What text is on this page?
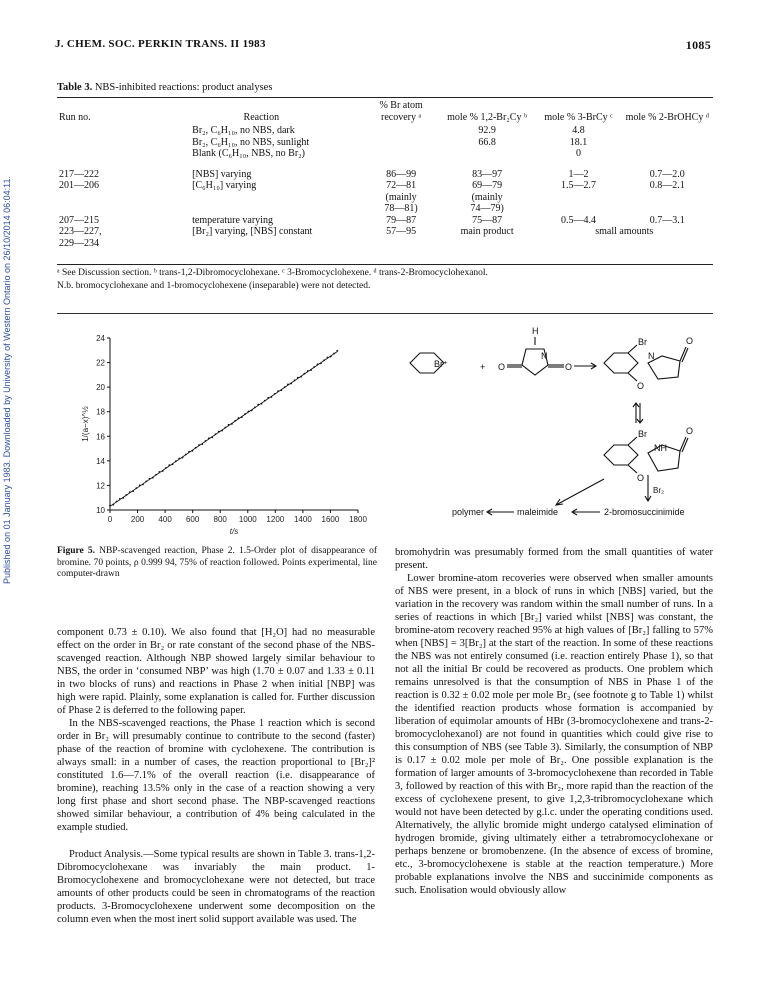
J. CHEM. SOC. PERKIN TRANS. II 1983	1085
Published on 01 January 1983. Downloaded by University of Western Ontario on 26/10/2014 06:04:11.
Table 3. NBS-inhibited reactions: product analyses
Run no.	Reaction	% Br atom recovery ᵃ	mole % 1,2-Br₂Cy ᵇ	mole % 3-BrCy ᶜ	mole % 2-BrOHCy ᵈ
	Br₂, C₆H₁₀, no NBS, dark		92.9	4.8	
	Br₂, C₆H₁₀, no NBS, sunlight		66.8	18.1	
	Blank (C₆H₁₀, NBS, no Br₂)			0	
217—222	[NBS] varying	86—99	83—97	1—2	0.7—2.0
201—206	[C₆H₁₀] varying	72—81	69—79	1.5—2.7	0.8—2.1
		(mainly	(mainly		
		78—81)	74—79)		
207—215	temperature varying	79—87	75—87	0.5—4.4	0.7—3.1
223—227,	[Br₂] varying, [NBS] constant	57—95	main product	small amounts	
229—234					
ᵃ See Discussion section. ᵇ trans-1,2-Dibromocyclohexane. ᶜ 3-Bromocyclohexene. ᵈ trans-2-Bromocyclohexanol.
N.b. bromocyclohexane and 1-bromocyclohexene (inseparable) were not detected.
0 200 400 600 800 1000 1200 1400 1600 1800
10
12
14
16
18
20
22
24
t/s
1/(a−x)^½
Figure 5. NBP-scavenged reaction, Phase 2. 1.5-Order plot of disappearance of bromine. 70 points, ρ 0.999 94, 75% of reaction followed. Points experimental, line computer-drawn
H
N
O	O
Br⁺	+
Br
N
O
O
Br
NH
O
O
Br₂
polymer	maleimide	2-bromosuccinimide

component 0.73 ± 0.10). We also found that [H₂O] had no measurable effect on the order in Br₂ or rate constant of the second phase of the NBS-scavenged reaction. Although NBP showed largely similar behaviour to NBS, the order in ‘consumed NBP’ was high (1.70 ± 0.07 and 1.33 ± 0.11 in two blocks of runs) and reactions in Phase 2 when initial [NBP] was high were rapid. Plainly, some explanation is called for. Further discussion of Phase 2 is deferred to the following paper.

In the NBS-scavenged reactions, the Phase 1 reaction which is second order in Br₂ will presumably continue to contribute to the second (faster) phase of the reaction of bromine with cyclohexene. The contribution is always small: in a number of cases, the reaction proportional to [Br₂]² constituted 1.6—7.1% of the overall reaction (i.e. disappearance of bromine), reaching 13.5% only in the case of a reaction showing a very long first phase and short second phase. The NBP-scavenged reactions showed similar behaviour, a contribution of 4% being calculated in the example studied.

Product Analysis.—Some typical results are shown in Table 3. trans-1,2-Dibromocyclohexane was invariably the main product. 1-Bromocyclohexene and bromocyclohexane were not detected, but trace amounts of other products could be seen in chromatograms of the reaction products. 3-Bromocyclohexene underwent some decomposition on the column even when the most inert solid support available was used. The

bromohydrin was presumably formed from the small quantities of water present.

Lower bromine-atom recoveries were observed when smaller amounts of NBS were present, in a block of runs in which [NBS] varied, but the variation in the recovery was random within the small number of runs. In a series of reactions in which [Br₂] varied whilst [NBS] was constant, the bromine-atom recovery reached 95% at high values of [Br₂] falling to 57% when [NBS] = 3[Br₂] at the start of the reaction. In some of these reactions the NBS was not entirely consumed (i.e. reaction entirely Phase 1), so that not all the initial Br could be recovered as products. One problem which remains unresolved is that the consumption of NBS in Phase 1 of the reaction is 0.32 ± 0.02 mole per mole Br₂ (see footnote g to Table 1) whilst the identified reaction products whose formation is accompanied by liberation of equimolar amounts of HBr (3-bromocyclohexene and trans-2-bromocyclohexanol) are not found in quantities which could give rise to this consumption of NBS (see Table 3). Similarly, the consumption of NBP is 0.17 ± 0.02 mole per mole of Br₂. One possible explanation is the formation of larger amounts of 3-bromocyclohexene than recorded in Table 3, followed by reaction of this with Br₂, more rapid than the reaction of the excess of cyclohexene present, to give 1,2,3-tribromocyclohexane which would not have been detected by g.l.c. under the operating conditions used. Alternatively, the allylic bromide might undergo catalysed elimination of hydrogen bromide, giving ultimately either a tetrabromocyclohexane or perhaps benzene or bromobenzene. (In the absence of excess of bromine, etc., 3-bromocyclohexene is stable at the reaction temperature.) More probable explanations involve the NBS and succinimide components as such. Enolisation would obviously allow
